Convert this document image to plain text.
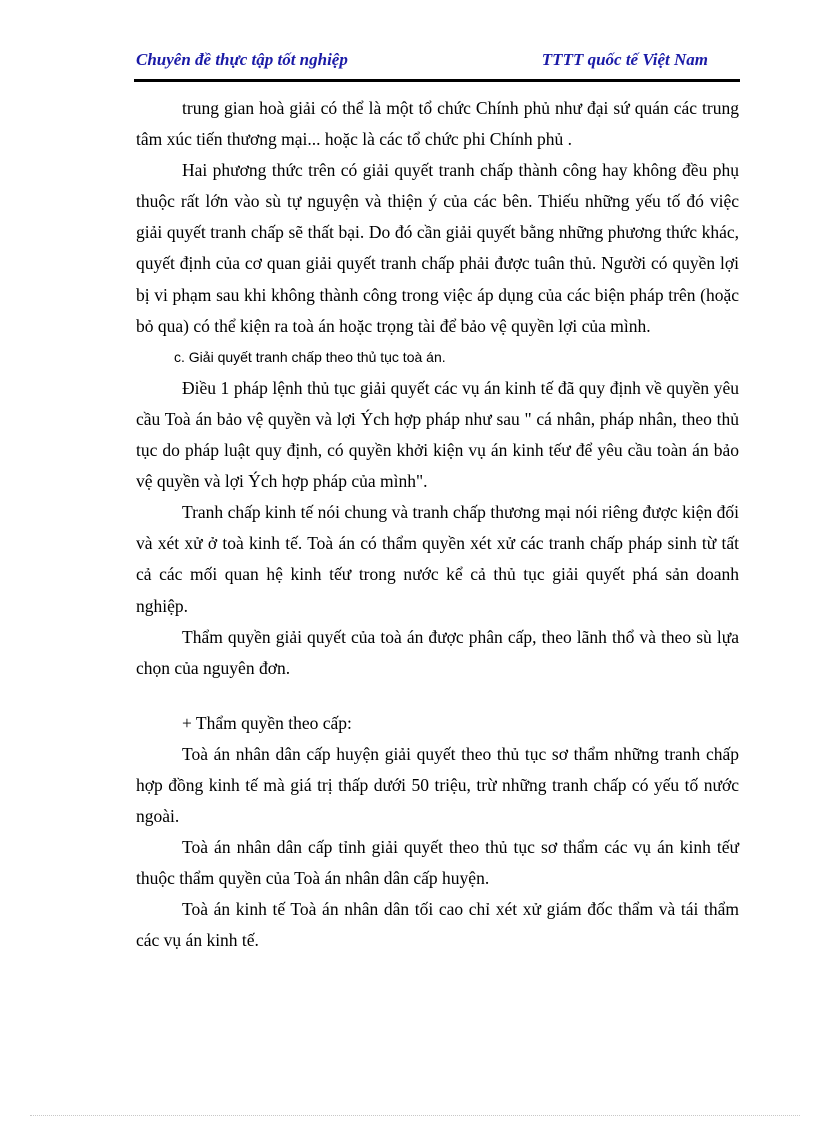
Chuyên đề thực tập tốt nghiệp	TTTT quốc tế Việt Nam

trung gian hoà giải có thể là một tổ chức Chính phủ như đại sứ quán các trung tâm xúc tiến thương mại... hoặc là các tổ chức phi Chính phủ .

Hai phương thức trên có giải quyết tranh chấp thành công hay không đều phụ thuộc rất lớn vào sù tự nguyện và thiện ý của các bên. Thiếu những yếu tố đó việc giải quyết tranh chấp sẽ thất bại. Do đó cần giải quyết bằng những phương thức khác, quyết định của cơ quan giải quyết tranh chấp phải được tuân thủ. Người có quyền lợi bị vi phạm sau khi không thành công trong việc áp dụng của các biện pháp trên (hoặc bỏ qua) có thể kiện ra toà án hoặc trọng tài để bảo vệ quyền lợi của mình.

c. Giải quyết tranh chấp theo thủ tục toà án.

Điều 1 pháp lệnh thủ tục giải quyết các vụ án kinh tế đã quy định về quyền yêu cầu Toà án bảo vệ quyền và lợi Ých hợp pháp như sau " cá nhân, pháp nhân, theo thủ tục do pháp luật quy định, có quyền khởi kiện vụ án kinh tếư để yêu cầu toàn án bảo vệ quyền và lợi Ých hợp pháp của mình".

Tranh chấp kinh tế nói chung và tranh chấp thương mại nói riêng được kiện đối và xét xử ở toà kinh tế. Toà án có thẩm quyền xét xử các tranh chấp pháp sinh từ tất cả các mối quan hệ kinh tếư trong nước kể cả thủ tục giải quyết phá sản doanh nghiệp.

Thẩm quyền giải quyết của toà án được phân cấp, theo lãnh thổ và theo sù lựa chọn của nguyên đơn.

+ Thẩm quyền theo cấp:

Toà án nhân dân cấp huyện giải quyết theo thủ tục sơ thẩm những tranh chấp hợp đồng kinh tế mà giá trị thấp dưới 50 triệu, trừ những tranh chấp có yếu tố nước ngoài.

Toà án nhân dân cấp tỉnh giải quyết theo thủ tục sơ thẩm các vụ án kinh tếư thuộc thẩm quyền của Toà án nhân dân cấp huyện.

Toà án kinh tế Toà án nhân dân tối cao chỉ xét xử giám đốc thẩm và tái thẩm các vụ án kinh tế.
